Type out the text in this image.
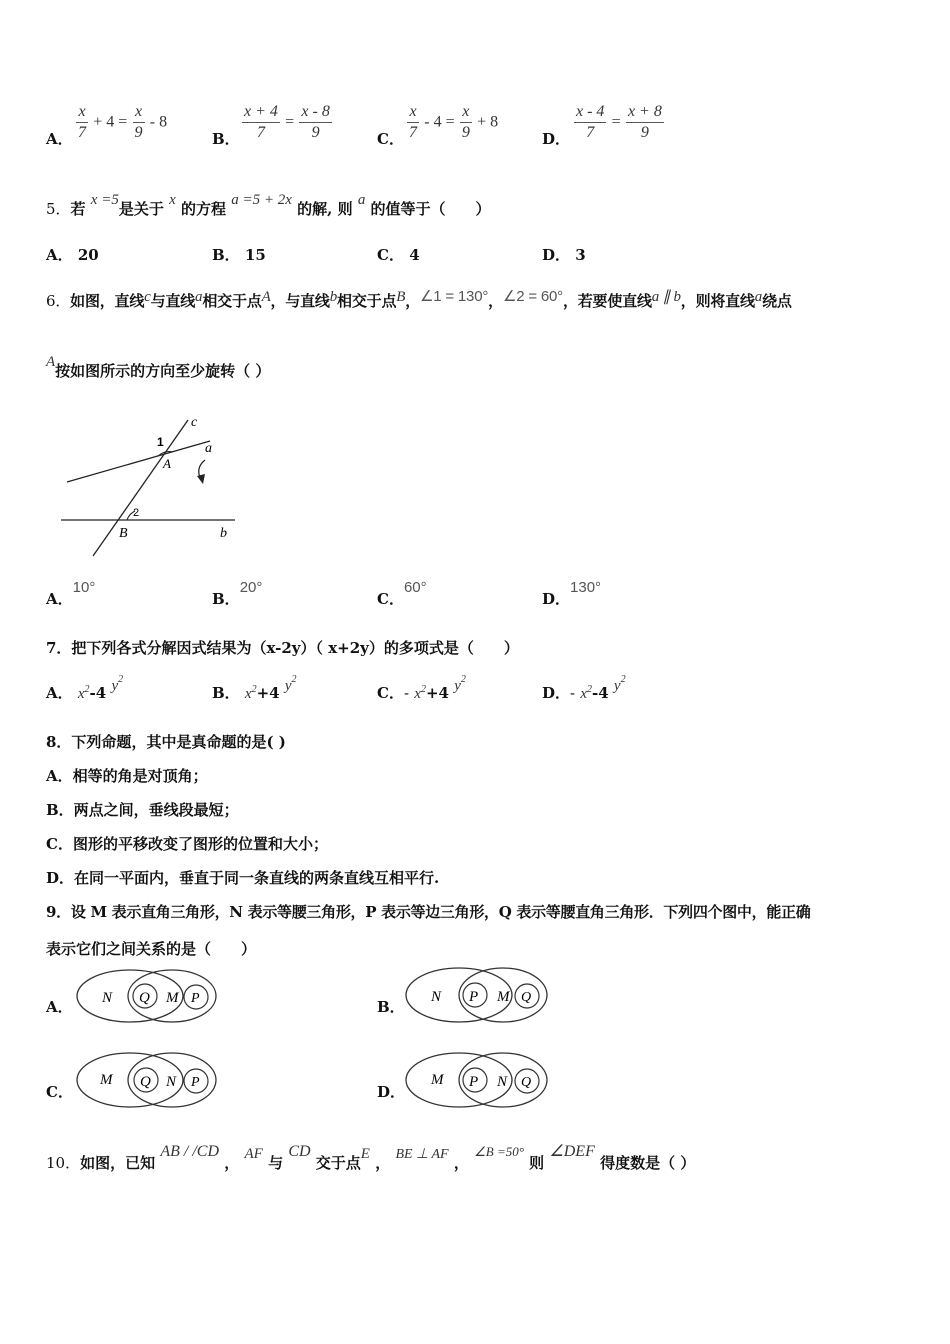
A． $\frac{x}{7} + 4 = \frac{x}{9} - 8$
B． $\frac{x + 4}{7} = \frac{x - 8}{9}$	C． $\frac{x}{7} - 4 = \frac{x}{9} + 8$
D． $\frac{x - 4}{7} = \frac{x + 8}{9}$
5．若 x =5是关于 x 的方程 a =5 + 2x 的解, 则 a 的值等于（　　）
A． 20	B． 15	C． 4	D． 3
6．如图，直线c与直线a相交于点A，与直线b相交于点B，∠1 = 130°，∠2 = 60°，若要使直线a ∥ b，则将直线a绕点
A按如图所示的方向至少旋转（ ）
c
a
b
A
B
1
2
A．10°
B．20°
C．60°
D．130°
7．把下列各式分解因式结果为（x-2y）（ x+2y）的多项式是（　　）
A． $x^2-4$ $y^2$
B． $x^2+4$ $y^2$
C．- $x^2+4$ $y^2$
D．- $x^2-4$ $y^2$
8．下列命题，其中是真命题的是( )
A．相等的角是对顶角；
B．两点之间，垂线段最短；
C．图形的平移改变了图形的位置和大小；
D．在同一平面内，垂直于同一条直线的两条直线互相平行.
9．设 M 表示直角三角形，N 表示等腰三角形，P 表示等边三角形，Q 表示等腰直角三角形．下列四个图中，能正确
表示它们之间关系的是（　　）
A． N Q M P	B．
N P M Q
C．
M Q N P
D．
M P N Q
10．如图，已知 AB / /CD ， AF 与 CD 交于点E ， BE ⊥ AF ， ∠B =50° 则 ∠DEF 得度数是（ ）
